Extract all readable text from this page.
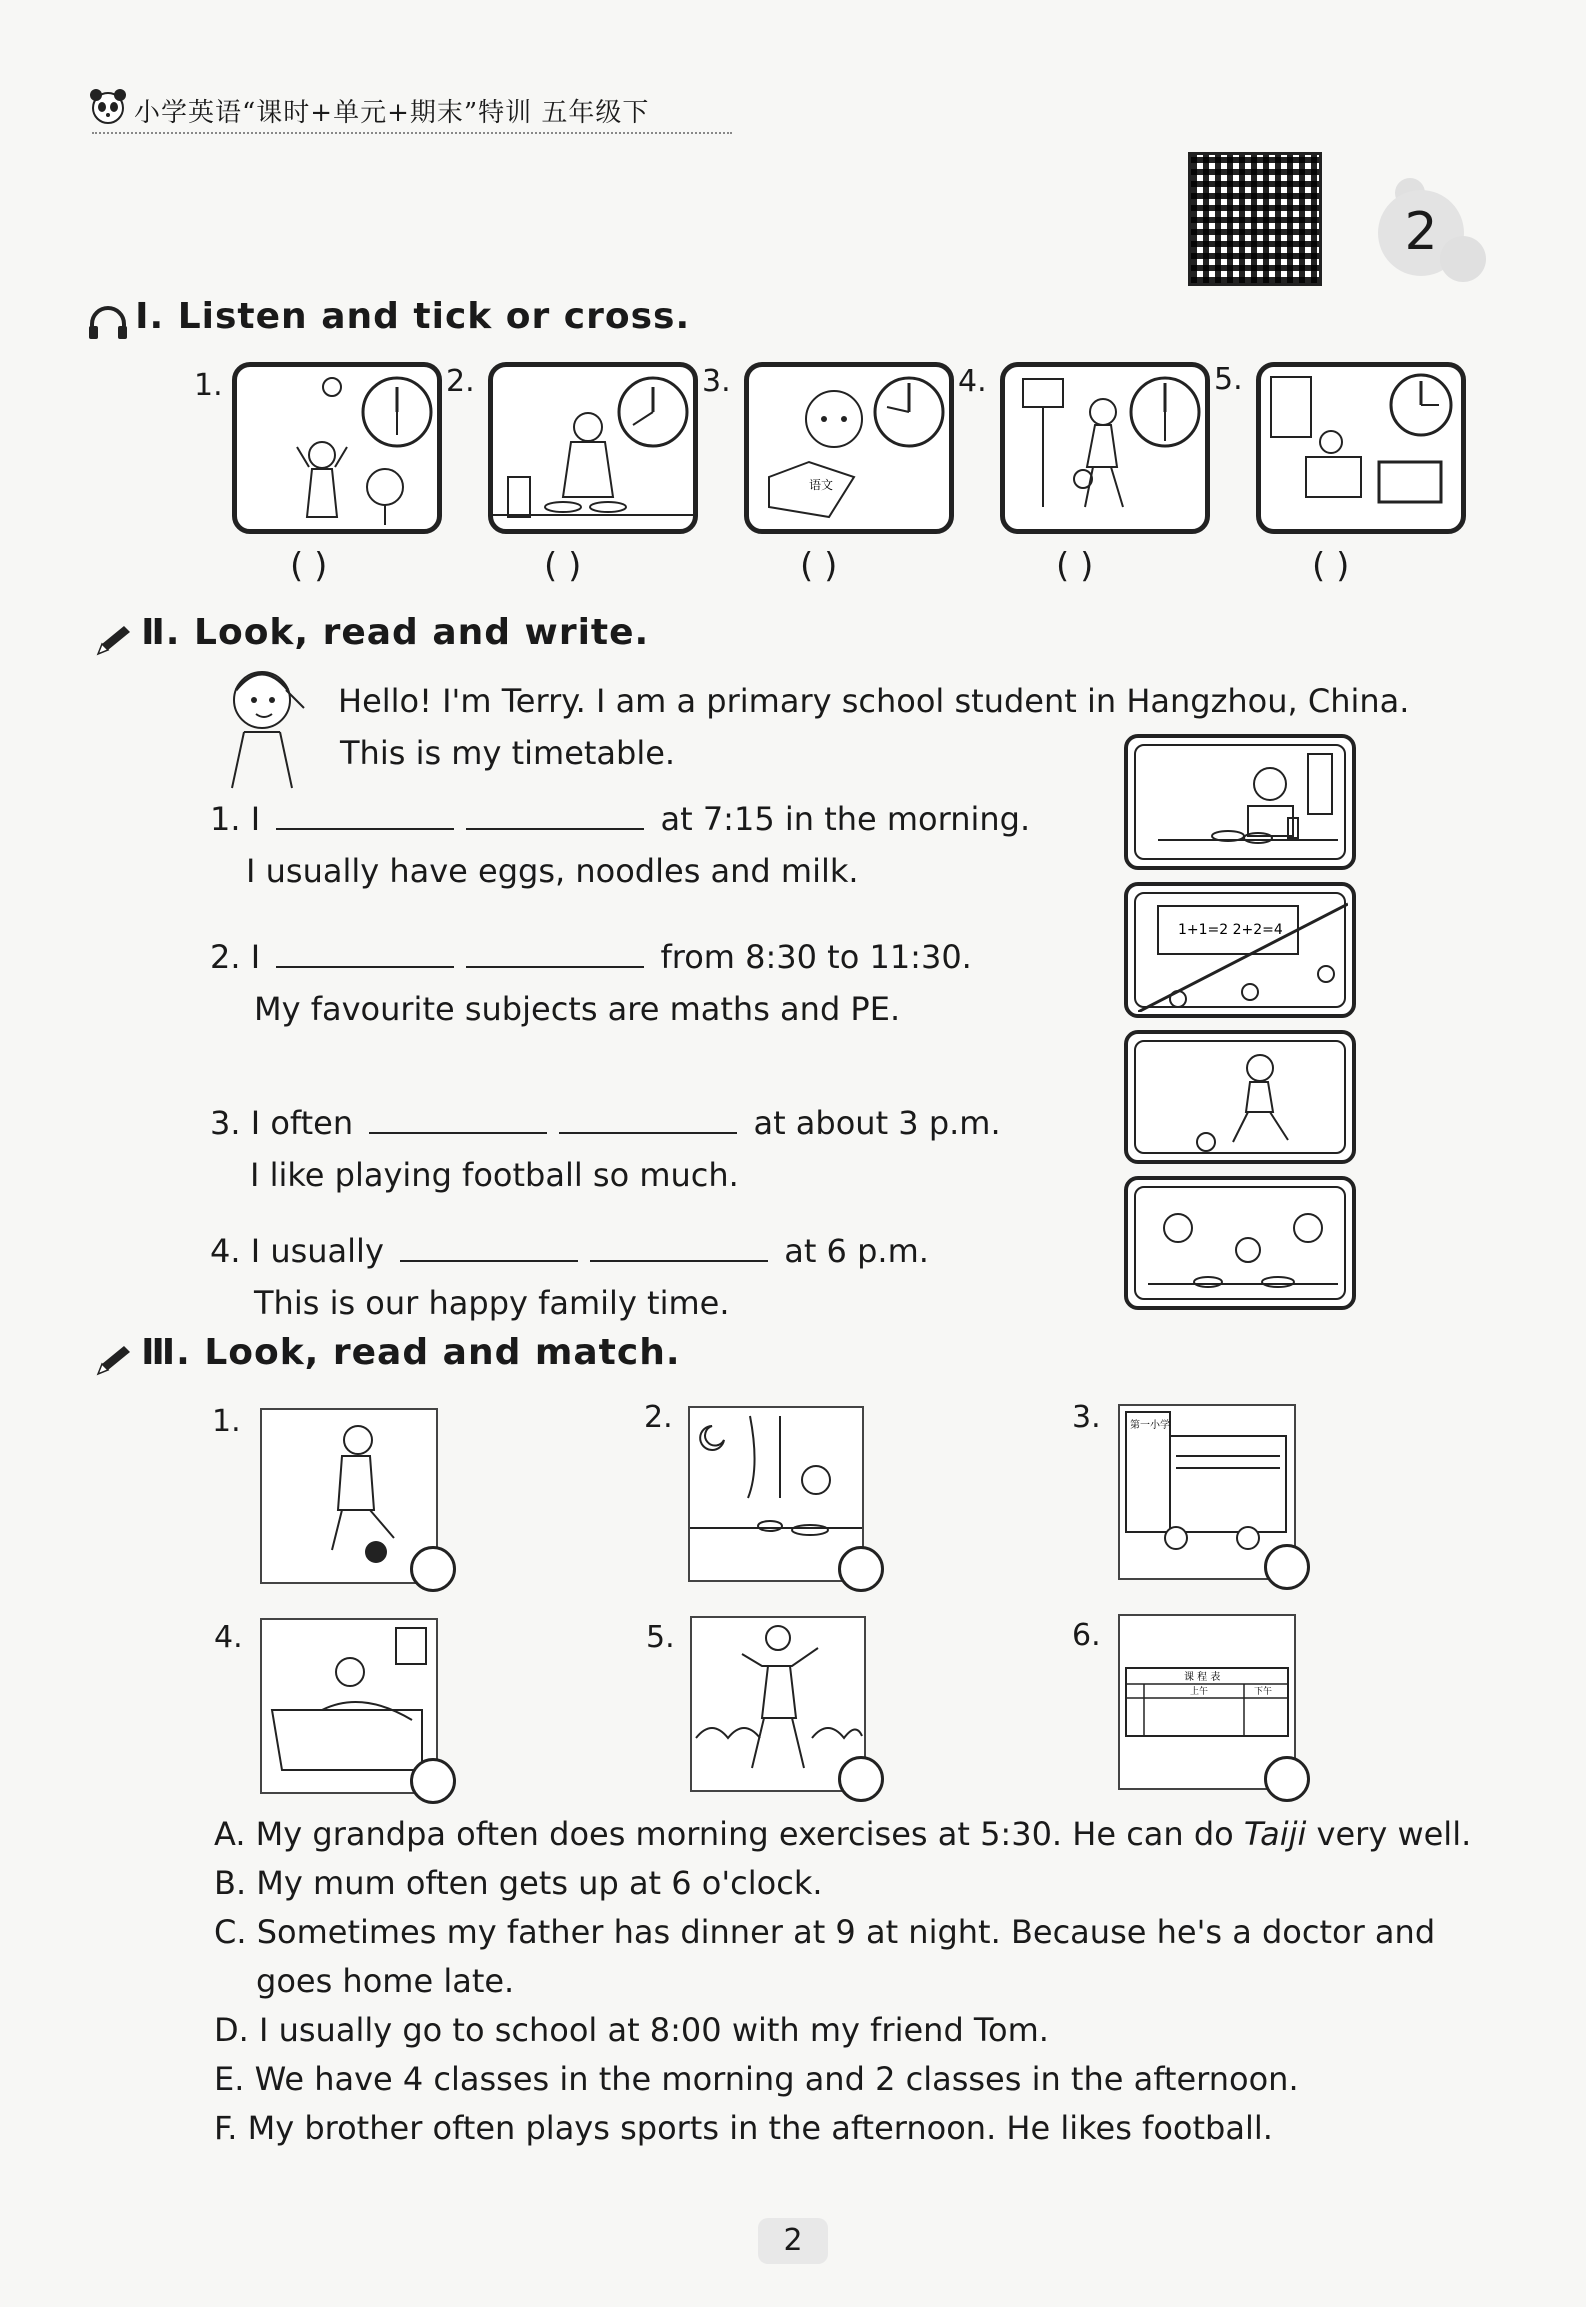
小学英语“课时+单元+期末”特训 五年级下
2
Ⅰ. Listen and tick or cross.
1.	2.	3.
语文
4.	5.
( )	( )	( )	( )	( )
Ⅱ. Look, read and write.
Hello! I'm Terry. I am a primary school student in Hangzhou, China.
This is my timetable.
1. I	at 7:15 in the morning.
I usually have eggs, noodles and milk.
2. I	from 8:30 to 11:30.
My favourite subjects are maths and PE.
3. I often	at about 3 p.m.
I like playing football so much.
4. I usually	at 6 p.m.
This is our happy family time.
1+1=2 2+2=4
Ⅲ. Look, read and match.
1.	2.	3.	第一小学
4.	5.	6.
课 程 表
上午	下午
A. My grandpa often does morning exercises at 5:30. He can do Taiji very well.
B. My mum often gets up at 6 o'clock.
C. Sometimes my father has dinner at 9 at night. Because he's a doctor and
goes home late.
D. I usually go to school at 8:00 with my friend Tom.
E. We have 4 classes in the morning and 2 classes in the afternoon.
F. My brother often plays sports in the afternoon. He likes football.
2
